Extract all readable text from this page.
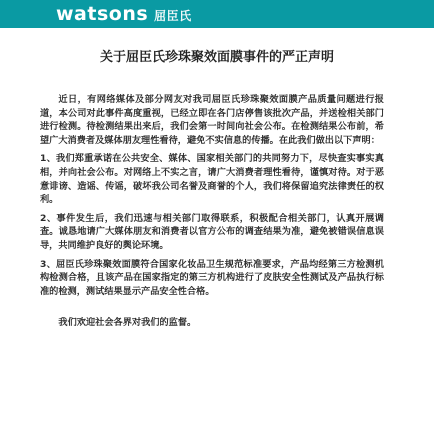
watsons 屈臣氏
关于屈臣氏珍珠聚效面膜事件的严正声明

近日，有网络媒体及部分网友对我司屈臣氏珍珠聚效面膜产品质量问题进行报道，本公司对此事件高度重视，已经立即在各门店停售该批次产品，并送检相关部门进行检测。待检测结果出来后，我们会第一时间向社会公布。在检测结果公布前，希望广大消费者及媒体朋友理性看待，避免不实信息的传播。在此我们做出以下声明：

1、我们郑重承诺在公共安全、媒体、国家相关部门的共同努力下，尽快查实事实真相，并向社会公布。对网络上不实之言，请广大消费者理性看待，谨慎对待。对于恶意诽谤、造谣、传谣，破坏我公司名誉及商誉的个人，我们将保留追究法律责任的权利。

2、事件发生后，我们迅速与相关部门取得联系，积极配合相关部门，认真开展调查。诚恳地请广大媒体朋友和消费者以官方公布的调查结果为准，避免被错误信息误导，共同维护良好的舆论环境。

3、屈臣氏珍珠聚效面膜符合国家化妆品卫生规范标准要求，产品均经第三方检测机构检测合格，且该产品在国家指定的第三方机构进行了皮肤安全性测试及产品执行标准的检测，测试结果显示产品安全性合格。

我们欢迎社会各界对我们的监督。
